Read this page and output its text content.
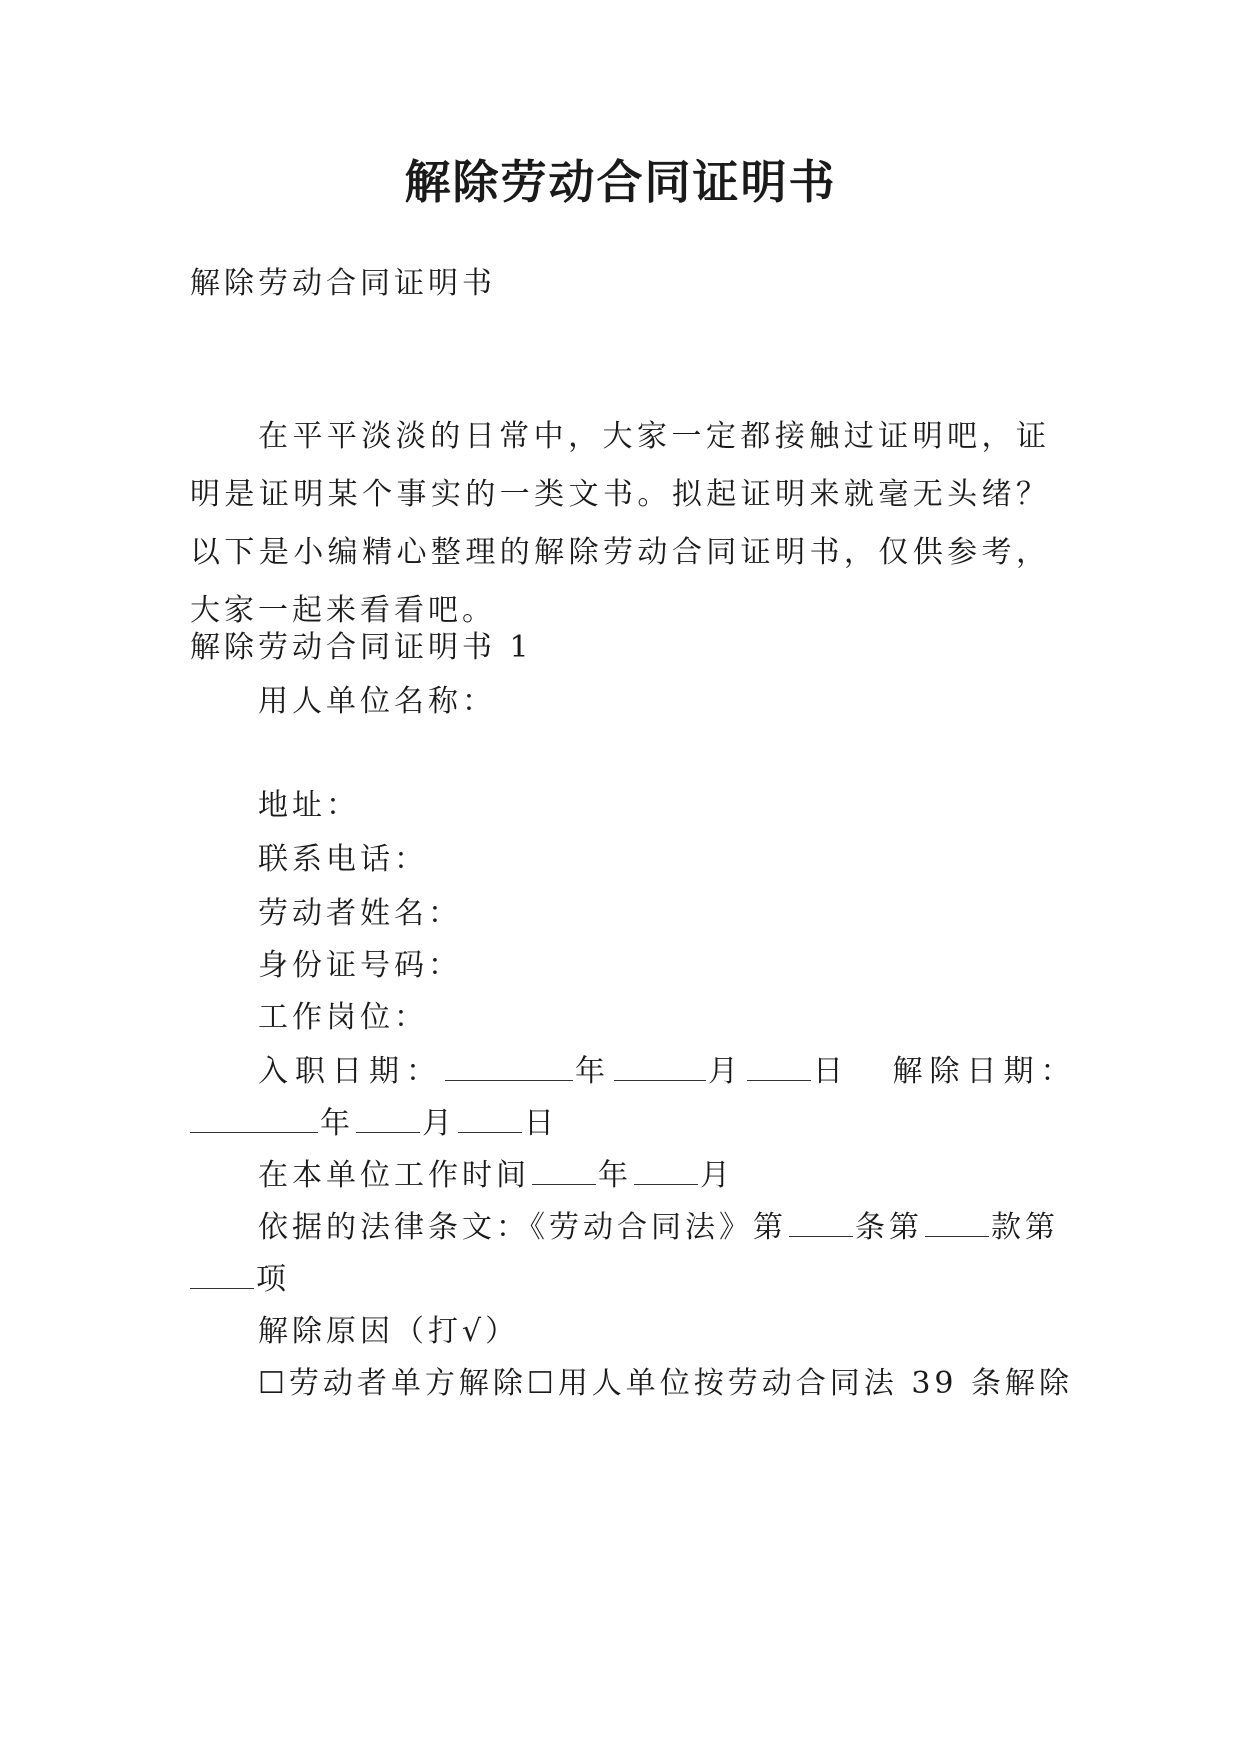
解除劳动合同证明书

解除劳动合同证明书

在平平淡淡的日常中，大家一定都接触过证明吧，证明是证明某个事实的一类文书。拟起证明来就毫无头绪？以下是小编精心整理的解除劳动合同证明书，仅供参考，大家一起来看看吧。

解除劳动合同证明书 1

用人单位名称：

地址：

联系电话：

劳动者姓名：

身份证号码：

工作岗位：

入职日期：	年	月 日 解除日期：

年 月 日

在本单位工作时间 年 月

依据的法律条文：《劳动合同法》第 条第 款第

项

解除原因（打√）

☐劳动者单方解除☐用人单位按劳动合同法 39 条解除
